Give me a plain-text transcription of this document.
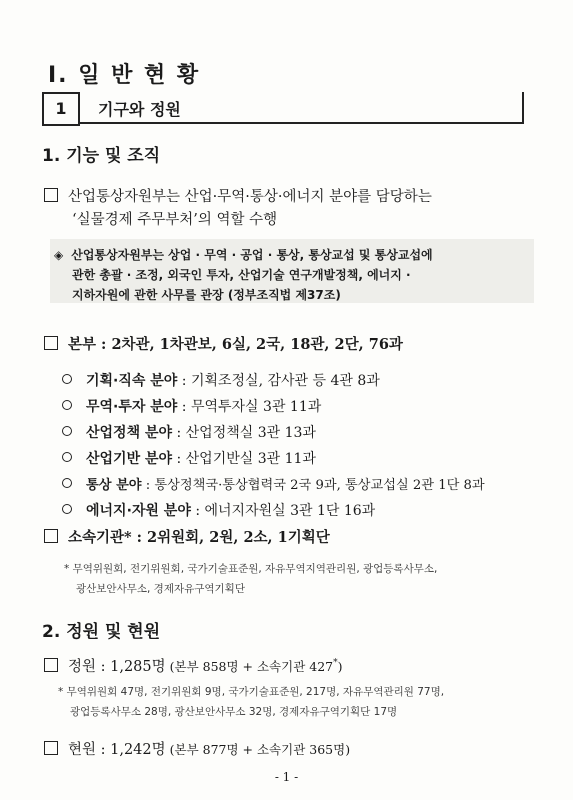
Ⅰ. 일 반 현 황
1	기구와 정원
1. 기능 및 조직
산업통상자원부는 산업·무역·통상·에너지 분야를 담당하는
‘실물경제 주무부처’의 역할 수행
◈ 산업통상자원부는 상업 · 무역 · 공업 · 통상, 통상교섭 및 통상교섭에
관한 총괄 · 조정, 외국인 투자, 산업기술 연구개발정책, 에너지 ·
지하자원에 관한 사무를 관장 (정부조직법 제37조)
본부 : 2차관, 1차관보, 6실, 2국, 18관, 2단, 76과
기획·직속 분야 : 기획조정실, 감사관 등 4관 8과
무역·투자 분야 : 무역투자실 3관 11과
산업정책 분야 : 산업정책실 3관 13과
산업기반 분야 : 산업기반실 3관 11과
통상 분야 : 통상정책국·통상협력국 2국 9과, 통상교섭실 2관 1단 8과
에너지·자원 분야 : 에너지자원실 3관 1단 16과
소속기관* : 2위원회, 2원, 2소, 1기획단
* 무역위원회, 전기위원회, 국가기술표준원, 자유무역지역관리원, 광업등록사무소,
광산보안사무소, 경제자유구역기획단
2. 정원 및 현원
정원 : 1,285명 (본부 858명 + 소속기관 427*)
* 무역위원회 47명, 전기위원회 9명, 국가기술표준원, 217명, 자유무역관리원 77명,
광업등록사무소 28명, 광산보안사무소 32명, 경제자유구역기획단 17명
현원 : 1,242명 (본부 877명 + 소속기관 365명)
- 1 -
